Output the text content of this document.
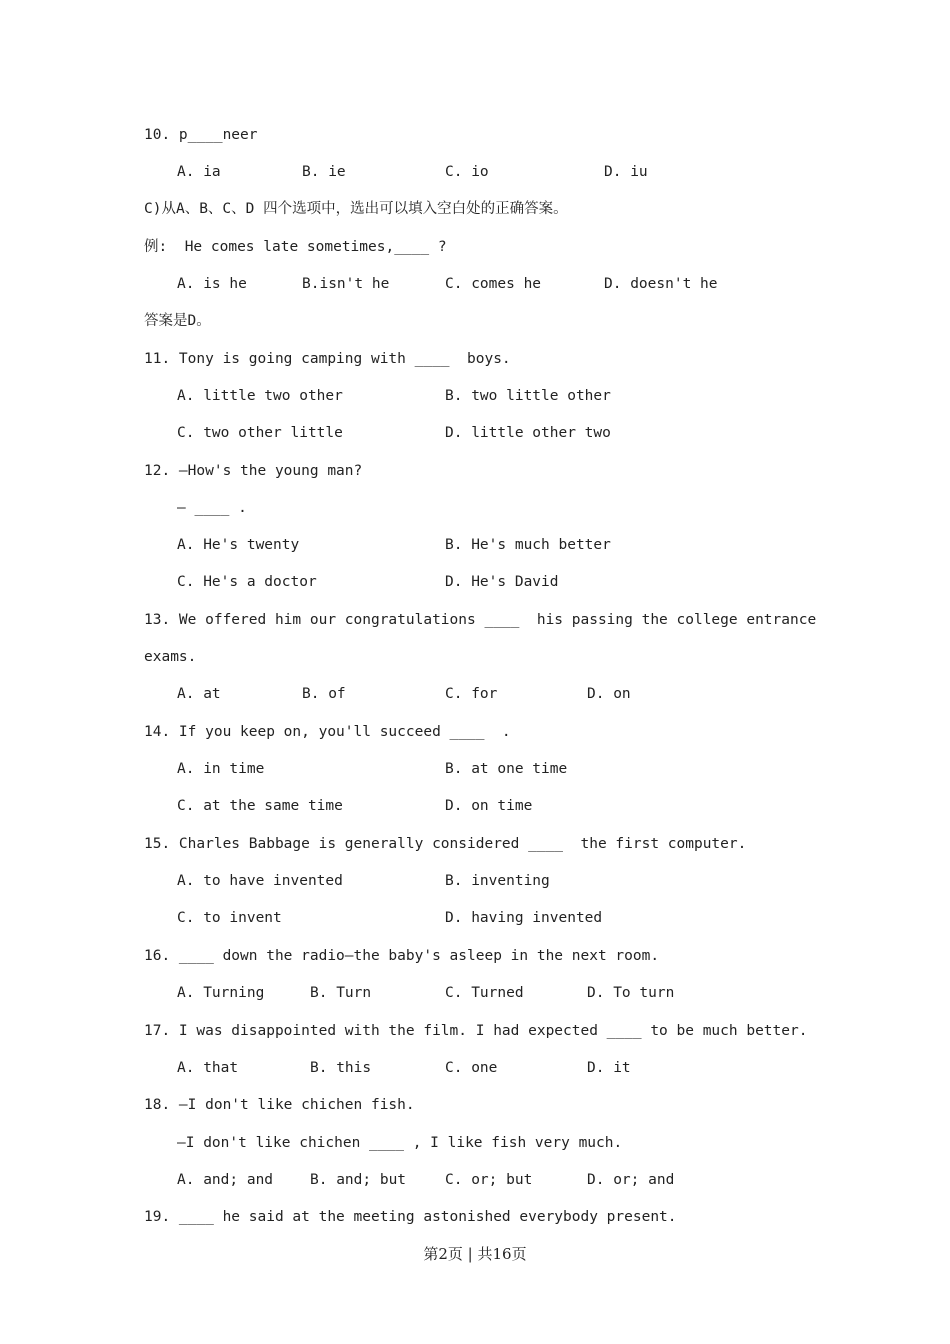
10. p____neer
A. ia	B. ie	C. io	D. iu
C)从A、B、C、D 四个选项中，选出可以填入空白处的正确答案。
例:  He comes late sometimes,____ ?
A. is he	B.isn't he	C. comes he	D. doesn't he
答案是D。
11. Tony is going camping with ____  boys.
A. little two other	B. two little other
C. two other little	D. little other two
12. —How's the young man?
— ____ .
A. He's twenty	B. He's much better
C. He's a doctor	D. He's David
13. We offered him our congratulations ____  his passing the college entrance
exams.
A. at	B. of	C. for	D. on
14. If you keep on, you'll succeed ____  .
A. in time	B. at one time
C. at the same time	D. on time
15. Charles Babbage is generally considered ____  the first computer.
A. to have invented	B. inventing
C. to invent	D. having invented
16. ____ down the radio—the baby's asleep in the next room.
A. Turning	B. Turn	C. Turned	D. To turn
17. I was disappointed with the film. I had expected ____ to be much better.
A. that	B. this	C. one	D. it
18. —I don't like chichen fish.
—I don't like chichen ____ , I like fish very much.
A. and; and	B. and; but	C. or; but	D. or; and
19. ____ he said at the meeting astonished everybody present.
第2页 | 共16页
